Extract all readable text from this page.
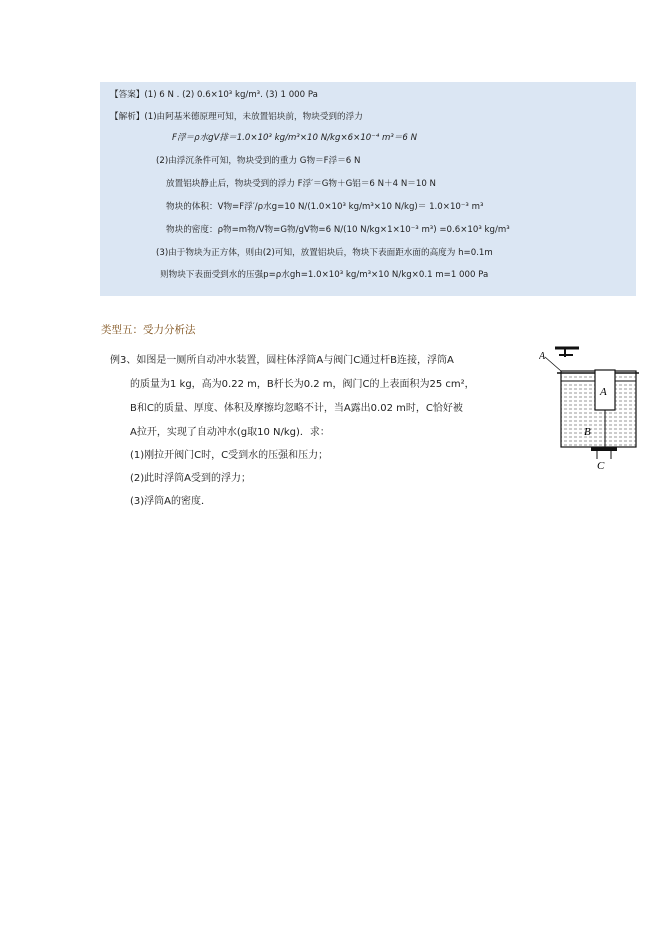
【答案】(1) 6 N . (2) 0.6×10³ kg/m³. (3) 1 000 Pa
【解析】(1)由阿基米德原理可知，未放置铝块前，物块受到的浮力
F浮＝ρ水gV排＝1.0×10³ kg/m³×10 N/kg×6×10⁻⁴ m³＝6 N
(2)由浮沉条件可知，物块受到的重力 G物＝F浮＝6 N
放置铝块静止后，物块受到的浮力 F浮′＝G物＋G铝＝6 N＋4 N＝10 N
物块的体积：V物=F浮′/ρ水g=10 N/(1.0×10³ kg/m³×10 N/kg)＝ 1.0×10⁻³ m³
物块的密度：ρ物=m物/V物=G物/gV物=6 N/(10 N/kg×1×10⁻³ m³) =0.6×10³ kg/m³
(3)由于物块为正方体，则由(2)可知，放置铝块后，物块下表面距水面的高度为 h=0.1m
则物块下表面受到水的压强p=ρ水gh=1.0×10³ kg/m³×10 N/kg×0.1 m=1 000 Pa
类型五：受力分析法
例3、如图是一厕所自动冲水装置，圆柱体浮筒A与阀门C通过杆B连接，浮筒A
的质量为1 kg，高为0.22 m，B杆长为0.2 m，阀门C的上表面积为25 cm²，
B和C的质量、厚度、体积及摩擦均忽略不计，当A露出0.02 m时，C恰好被
A拉开，实现了自动冲水(g取10 N/kg)．求：
(1)刚拉开阀门C时，C受到水的压强和压力；
(2)此时浮筒A受到的浮力；
(3)浮筒A的密度．
A
A
B
C
